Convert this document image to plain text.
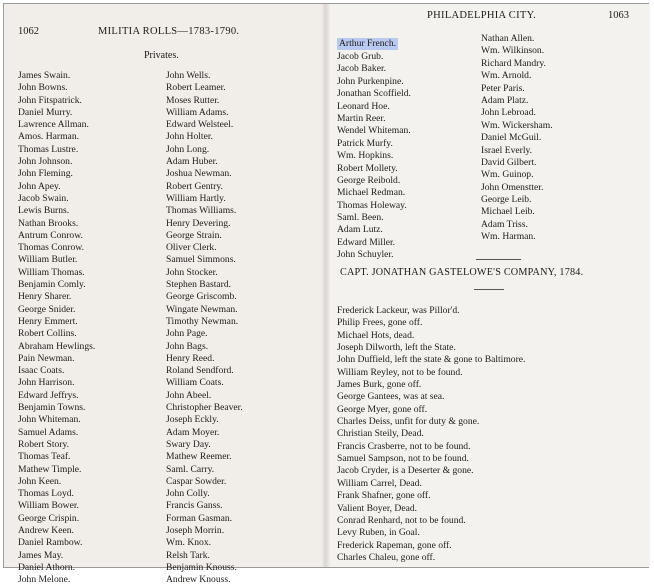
1062	MILITIA ROLLS—1783-1790.
Privates.
James Swain.
John Bowns.
John Fitspatrick.
Daniel Murry.
Lawrence Allman.
Amos. Harman.
Thomas Lustre.
John Johnson.
John Fleming.
John Apey.
Jacob Swain.
Lewis Burns.
Nathan Brooks.
Antrum Conrow.
Thomas Conrow.
William Butler.
William Thomas.
Benjamin Comly.
Henry Sharer.
George Snider.
Henry Emmert.
Robert Collins.
Abraham Hewlings.
Pain Newman.
Isaac Coats.
John Harrison.
Edward Jeffrys.
Benjamin Towns.
John Whiteman.
Samuel Adams.
Robert Story.
Thomas Teaf.
Mathew Timple.
John Keen.
Thomas Loyd.
William Bower.
George Crispin.
Andrew Keen.
Daniel Rambow.
James May.
Daniel Athorn.
John Melone.
John Wells.
Robert Leamer.
Moses Rutter.
William Adams.
Edward Welsteel.
John Holter.
John Long.
Adam Huber.
Joshua Newman.
Robert Gentry.
William Hartly.
Thomas Williams.
Henry Devering.
George Strain.
Oliver Clerk.
Samuel Simmons.
John Stocker.
Stephen Bastard.
George Griscomb.
Wingate Newman.
Timothy Newman.
John Page.
John Bags.
Henry Reed.
Roland Sendford.
William Coats.
John Abeel.
Christopher Beaver.
Joseph Eckly.
Adam Moyer.
Swary Day.
Mathew Reemer.
Saml. Carry.
Caspar Sowder.
John Colly.
Francis Ganss.
Forman Gasman.
Joseph Morrin.
Wm. Knox.
Relsh Tark.
Benjamin Knouss.
Andrew Knouss.
PHILADELPHIA CITY.	1063
Arthur French.

Jacob Grub.
Jacob Baker.
John Purkenpine.
Jonathan Scoffield.
Leonard Hoe.
Martin Reer.
Wendel Whiteman.
Patrick Murfy.
Wm. Hopkins.
Robert Mollety.
George Reibold.
Michael Redman.
Thomas Holeway.
Saml. Been.
Adam Lutz.
Edward Miller.
John Schuyler.
Nathan Allen.
Wm. Wilkinson.
Richard Mandry.
Wm. Arnold.
Peter Paris.
Adam Platz.
John Lebroad.
Wm. Wickersham.
Daniel McGuil.
Israel Everly.
David Gilbert.
Wm. Guinop.
John Omenstter.
George Leib.
Michael Leib.
Adam Triss.
Wm. Harman.
CAPT. JONATHAN GASTELOWE'S COMPANY, 1784.
Frederick Lackeur, was Pillor'd.
Philip Frees, gone off.
Michael Hots, dead.
Joseph Dilworth, left the State.
John Duffield, left the state & gone to Baltimore.
William Reyley, not to be found.
James Burk, gone off.
George Gantees, was at sea.
George Myer, gone off.
Charles Deiss, unfit for duty & gone.
Christian Steily, Dead.
Francis Crasberre, not to be found.
Samuel Sampson, not to be found.
Jacob Cryder, is a Deserter & gone.
William Carrel, Dead.
Frank Shafner, gone off.
Valient Boyer, Dead.
Conrad Renhard, not to be found.
Levy Ruben, in Goal.
Frederick Rapeman, gone off.
Charles Chaleu, gone off.
